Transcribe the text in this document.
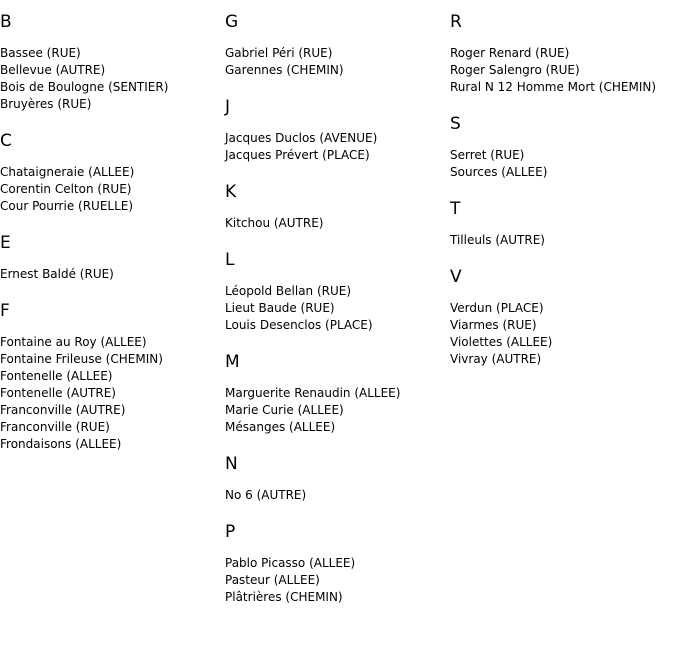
B
Bassee (RUE)
Bellevue (AUTRE)
Bois de Boulogne (SENTIER)
Bruyères (RUE)
C
Chataigneraie (ALLEE)
Corentin Celton (RUE)
Cour Pourrie (RUELLE)
E
Ernest Baldé (RUE)
F
Fontaine au Roy (ALLEE)
Fontaine Frileuse (CHEMIN)
Fontenelle (ALLEE)
Fontenelle (AUTRE)
Franconville (AUTRE)
Franconville (RUE)
Frondaisons (ALLEE)
G
Gabriel Péri (RUE)
Garennes (CHEMIN)
J
Jacques Duclos (AVENUE)
Jacques Prévert (PLACE)
K
Kitchou (AUTRE)
L
Léopold Bellan (RUE)
Lieut Baude (RUE)
Louis Desenclos (PLACE)
M
Marguerite Renaudin (ALLEE)
Marie Curie (ALLEE)
Mésanges (ALLEE)
N
No 6 (AUTRE)
P
Pablo Picasso (ALLEE)
Pasteur (ALLEE)
Plâtrières (CHEMIN)
R
Roger Renard (RUE)
Roger Salengro (RUE)
Rural N 12 Homme Mort (CHEMIN)
S
Serret (RUE)
Sources (ALLEE)
T
Tilleuls (AUTRE)
V
Verdun (PLACE)
Viarmes (RUE)
Violettes (ALLEE)
Vivray (AUTRE)
